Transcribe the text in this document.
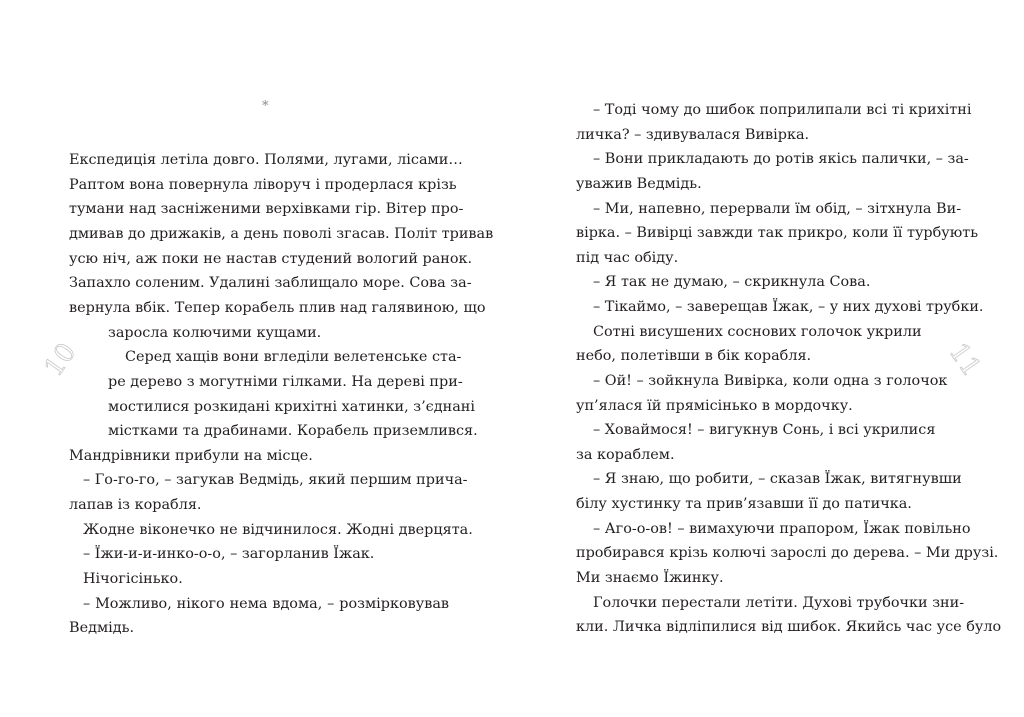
*
10
Експедиція летіла довго. Полями, лугами, лісами…
Раптом вона повернула ліворуч і продерлася крізь
тумани над засніженими верхівками гір. Вітер про-
дмивав до дрижаків, а день поволі згасав. Політ тривав
усю ніч, аж поки не настав студений вологий ранок.
Запахло соленим. Удалині заблищало море. Сова за-
вернула вбік. Тепер корабель плив над галявиною, що
заросла колючими кущами.
Серед хащів вони вгледіли велетенське ста-
ре дерево з могутніми гілками. На дереві при-
мостилися розкидані крихітні хатинки, з’єднані
містками та драбинами. Корабель приземлився.
Мандрівники прибули на місце.
– Го-го-го, – загукав Ведмідь, який першим прича-
лапав із корабля.
Жодне віконечко не відчинилося. Жодні дверцята.
– Їжи-и-и-инко-о-о, – загорланив Їжак.
Нічогісінько.
– Можливо, нікого нема вдома, – розмірковував
Ведмідь.
11
– Тоді чому до шибок поприлипали всі ті крихітні
личка? – здивувалася Вивірка.
– Вони прикладають до ротів якісь палички, – за-
уважив Ведмідь.
– Ми, напевно, перервали їм обід, – зітхнула Ви-
вірка. – Вивірці завжди так прикро, коли її турбують
під час обіду.
– Я так не думаю, – скрикнула Сова.
– Тікаймо, – заверещав Їжак, – у них духові трубки.
Сотні висушених соснових голочок укрили
небо, полетівши в бік корабля.
– Ой! – зойкнула Вивірка, коли одна з голочок
уп’ялася їй прямісінько в мордочку.
– Ховаймося! – вигукнув Сонь, і всі укрилися
за кораблем.
– Я знаю, що робити, – сказав Їжак, витягнувши
білу хустинку та прив’язавши її до патичка.
– Аго-о-ов! – вимахуючи прапором, Їжак повільно
пробирався крізь колючі зарослі до дерева. – Ми друзі.
Ми знаємо Їжинку.
Голочки перестали летіти. Духові трубочки зни-
кли. Личка відліпилися від шибок. Якийсь час усе було
